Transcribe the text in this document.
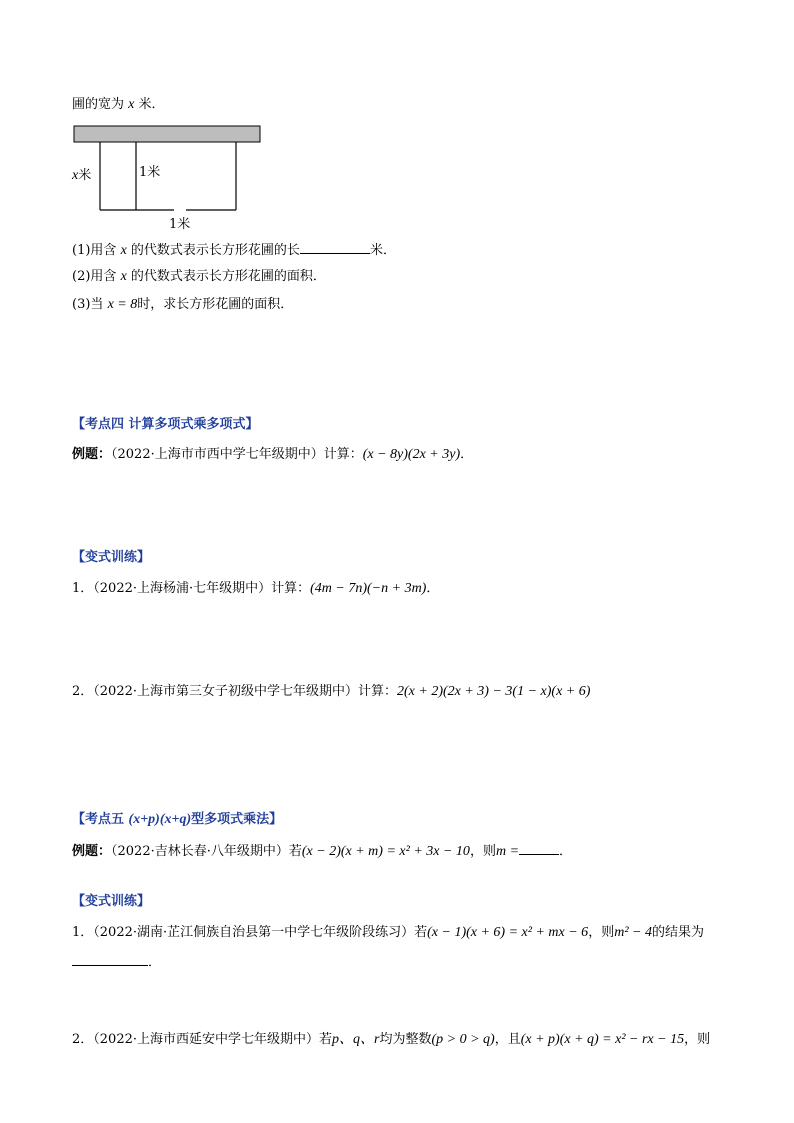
圃的宽为 x 米．
x米	1米
1米
(1)用含 x 的代数式表示长方形花圃的长	米．
(2)用含 x 的代数式表示长方形花圃的面积．
(3)当 x = 8时，求长方形花圃的面积．
【考点四 计算多项式乘多项式】
例题：（2022·上海市市西中学七年级期中）计算：(x − 8y)(2x + 3y)．
【变式训练】
1．（2022·上海杨浦·七年级期中）计算：(4m − 7n)(−n + 3m)．
2．（2022·上海市第三女子初级中学七年级期中）计算：2(x + 2)(2x + 3) − 3(1 − x)(x + 6)
【考点五 (x+p)(x+q)型多项式乘法】
例题：（2022·吉林长春·八年级期中）若(x − 2)(x + m) = x² + 3x − 10，则m =	．
【变式训练】
1．（2022·湖南·芷江侗族自治县第一中学七年级阶段练习）若(x − 1)(x + 6) = x² + mx − 6，则m² − 4的结果为
．
2．（2022·上海市西延安中学七年级期中）若p、q、r均为整数(p > 0 > q)，且(x + p)(x + q) = x² − rx − 15，则
